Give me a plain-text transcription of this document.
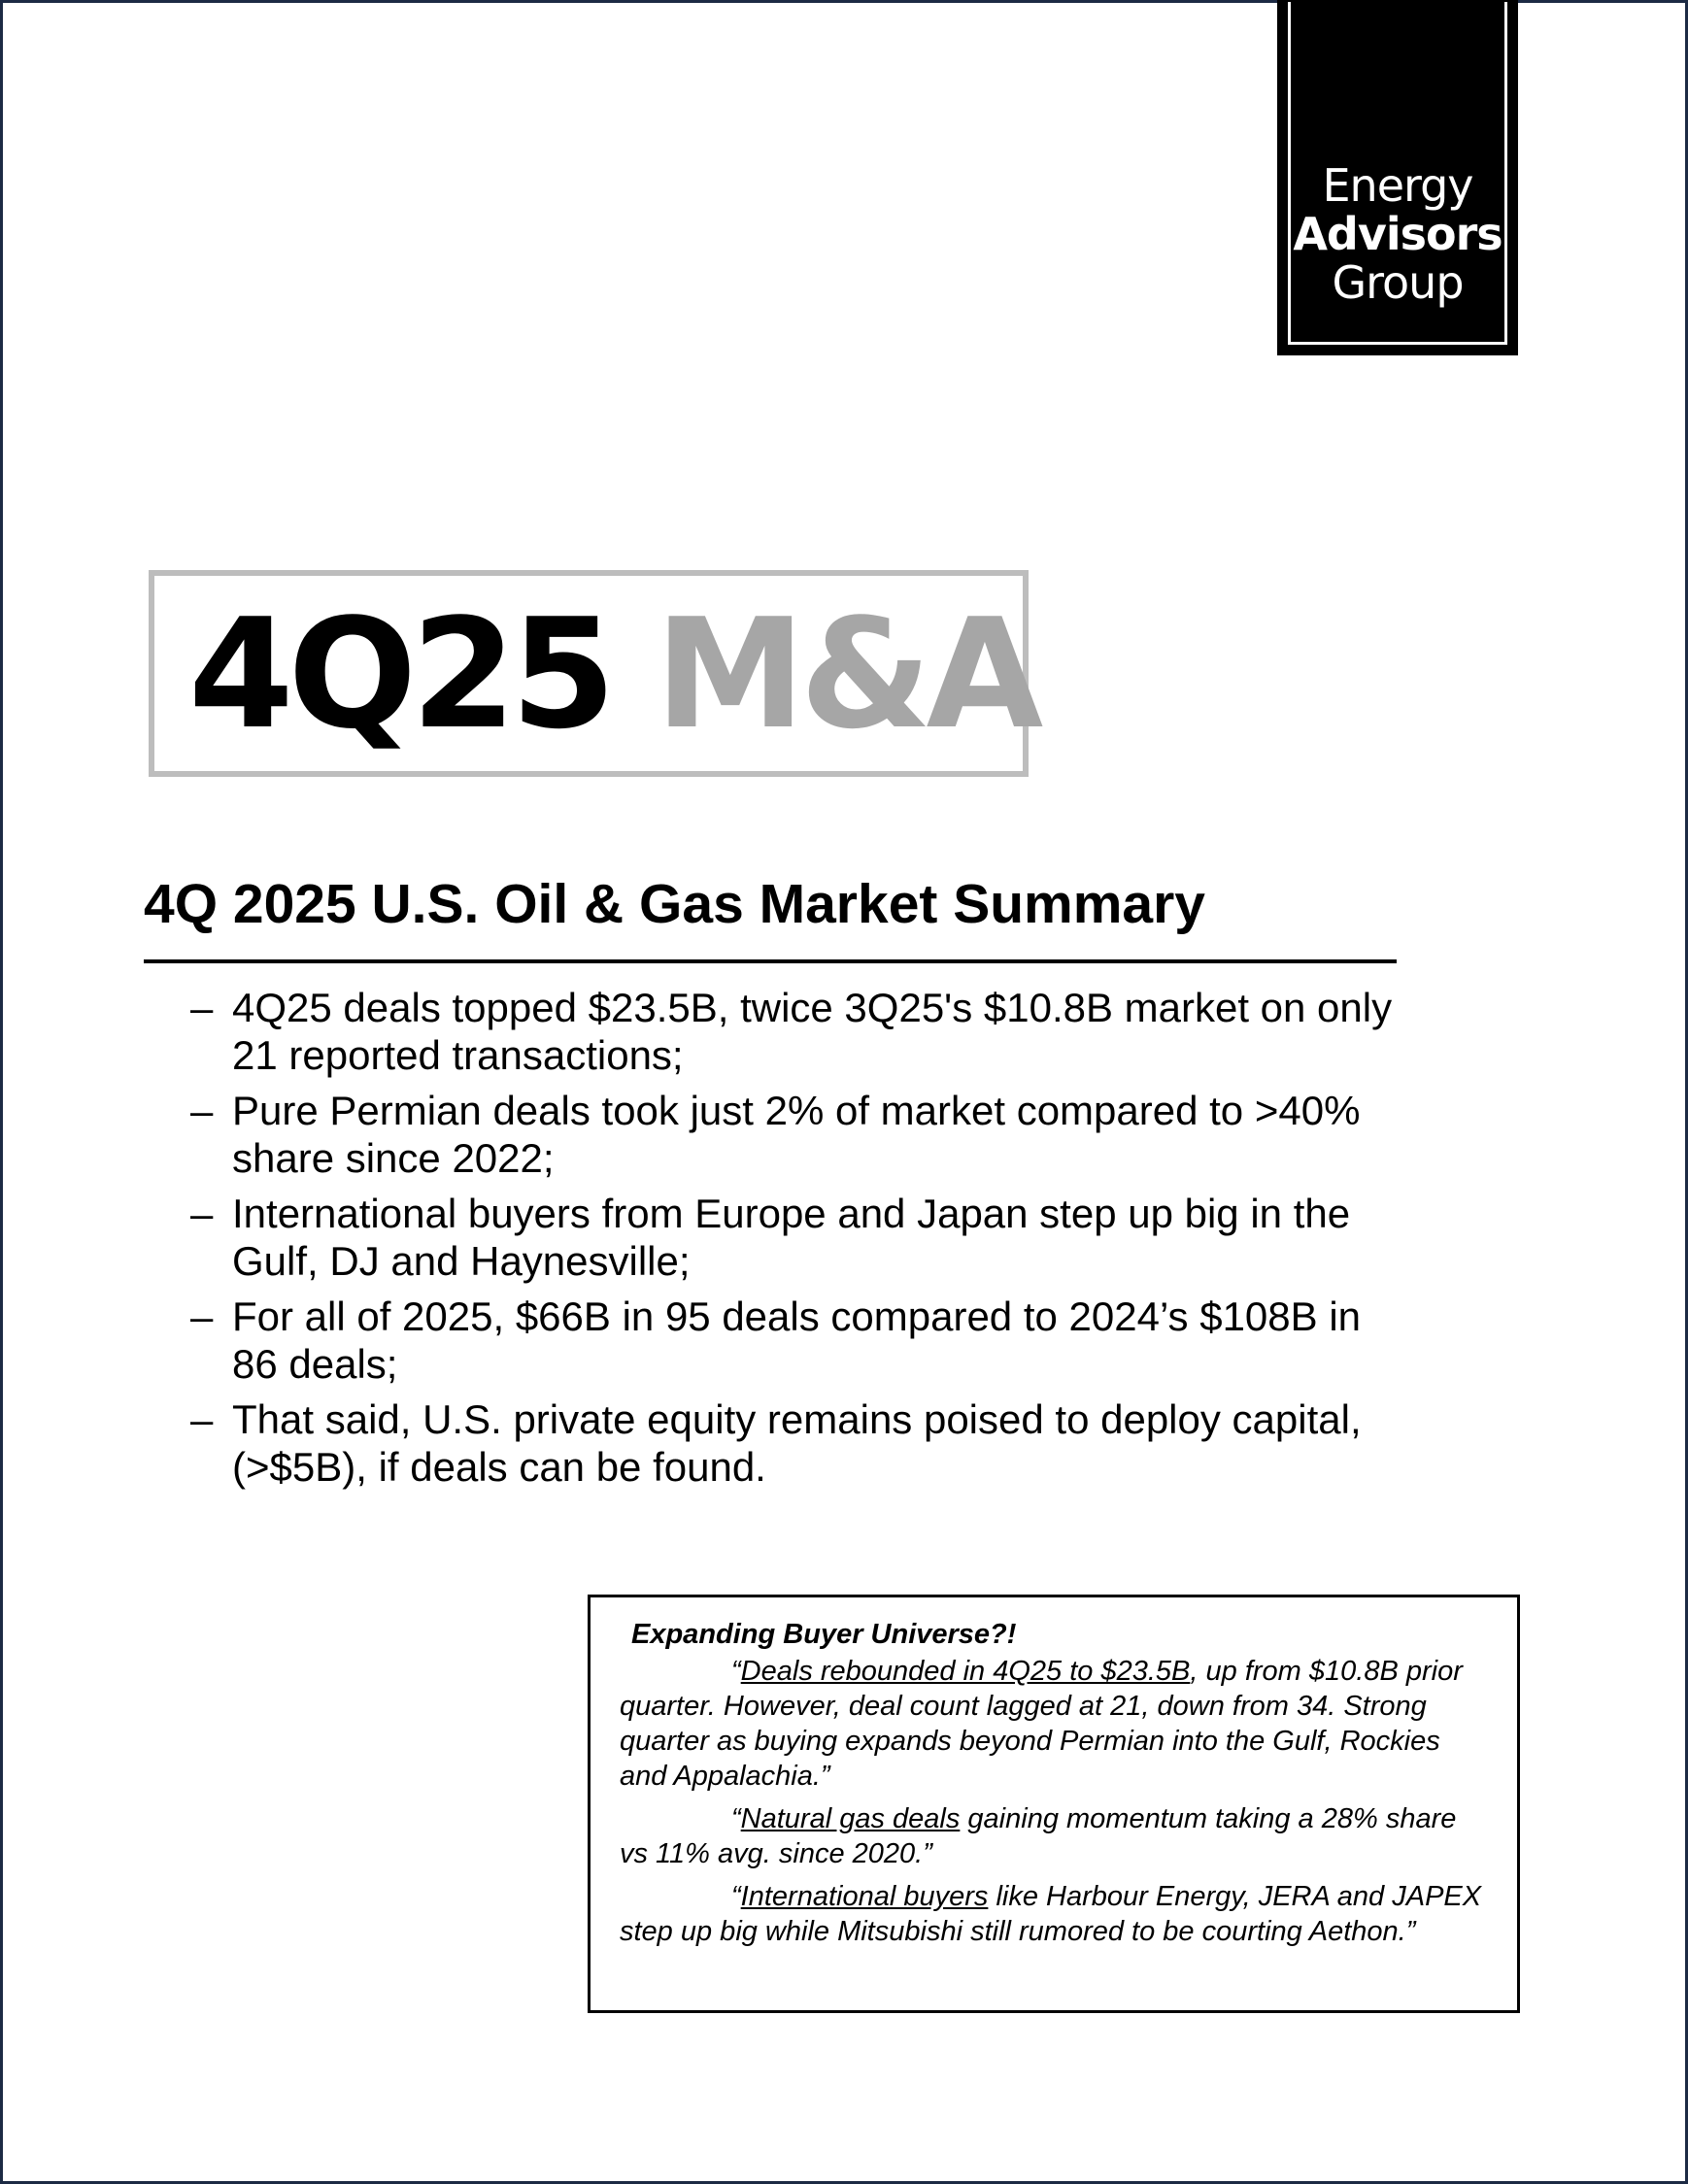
Energy
Advisors
Group
4Q25 M&A
4Q 2025 U.S. Oil & Gas Market Summary
– 4Q25 deals topped $23.5B, twice 3Q25's $10.8B market on only 21 reported transactions;
– Pure Permian deals took just 2% of market compared to >40% share since 2022;
– International buyers from Europe and Japan step up big in the Gulf, DJ and Haynesville;
– For all of 2025, $66B in 95 deals compared to 2024’s $108B in 86 deals;
– That said, U.S. private equity remains poised to deploy capital, (>$5B), if deals can be found.
Expanding Buyer Universe?!

“Deals rebounded in 4Q25 to $23.5B, up from $10.8B prior quarter. However, deal count lagged at 21, down from 34. Strong quarter as buying expands beyond Permian into the Gulf, Rockies and Appalachia.”

“Natural gas deals gaining momentum taking a 28% share vs 11% avg. since 2020.”

“International buyers like Harbour Energy, JERA and JAPEX step up big while Mitsubishi still rumored to be courting Aethon.”
